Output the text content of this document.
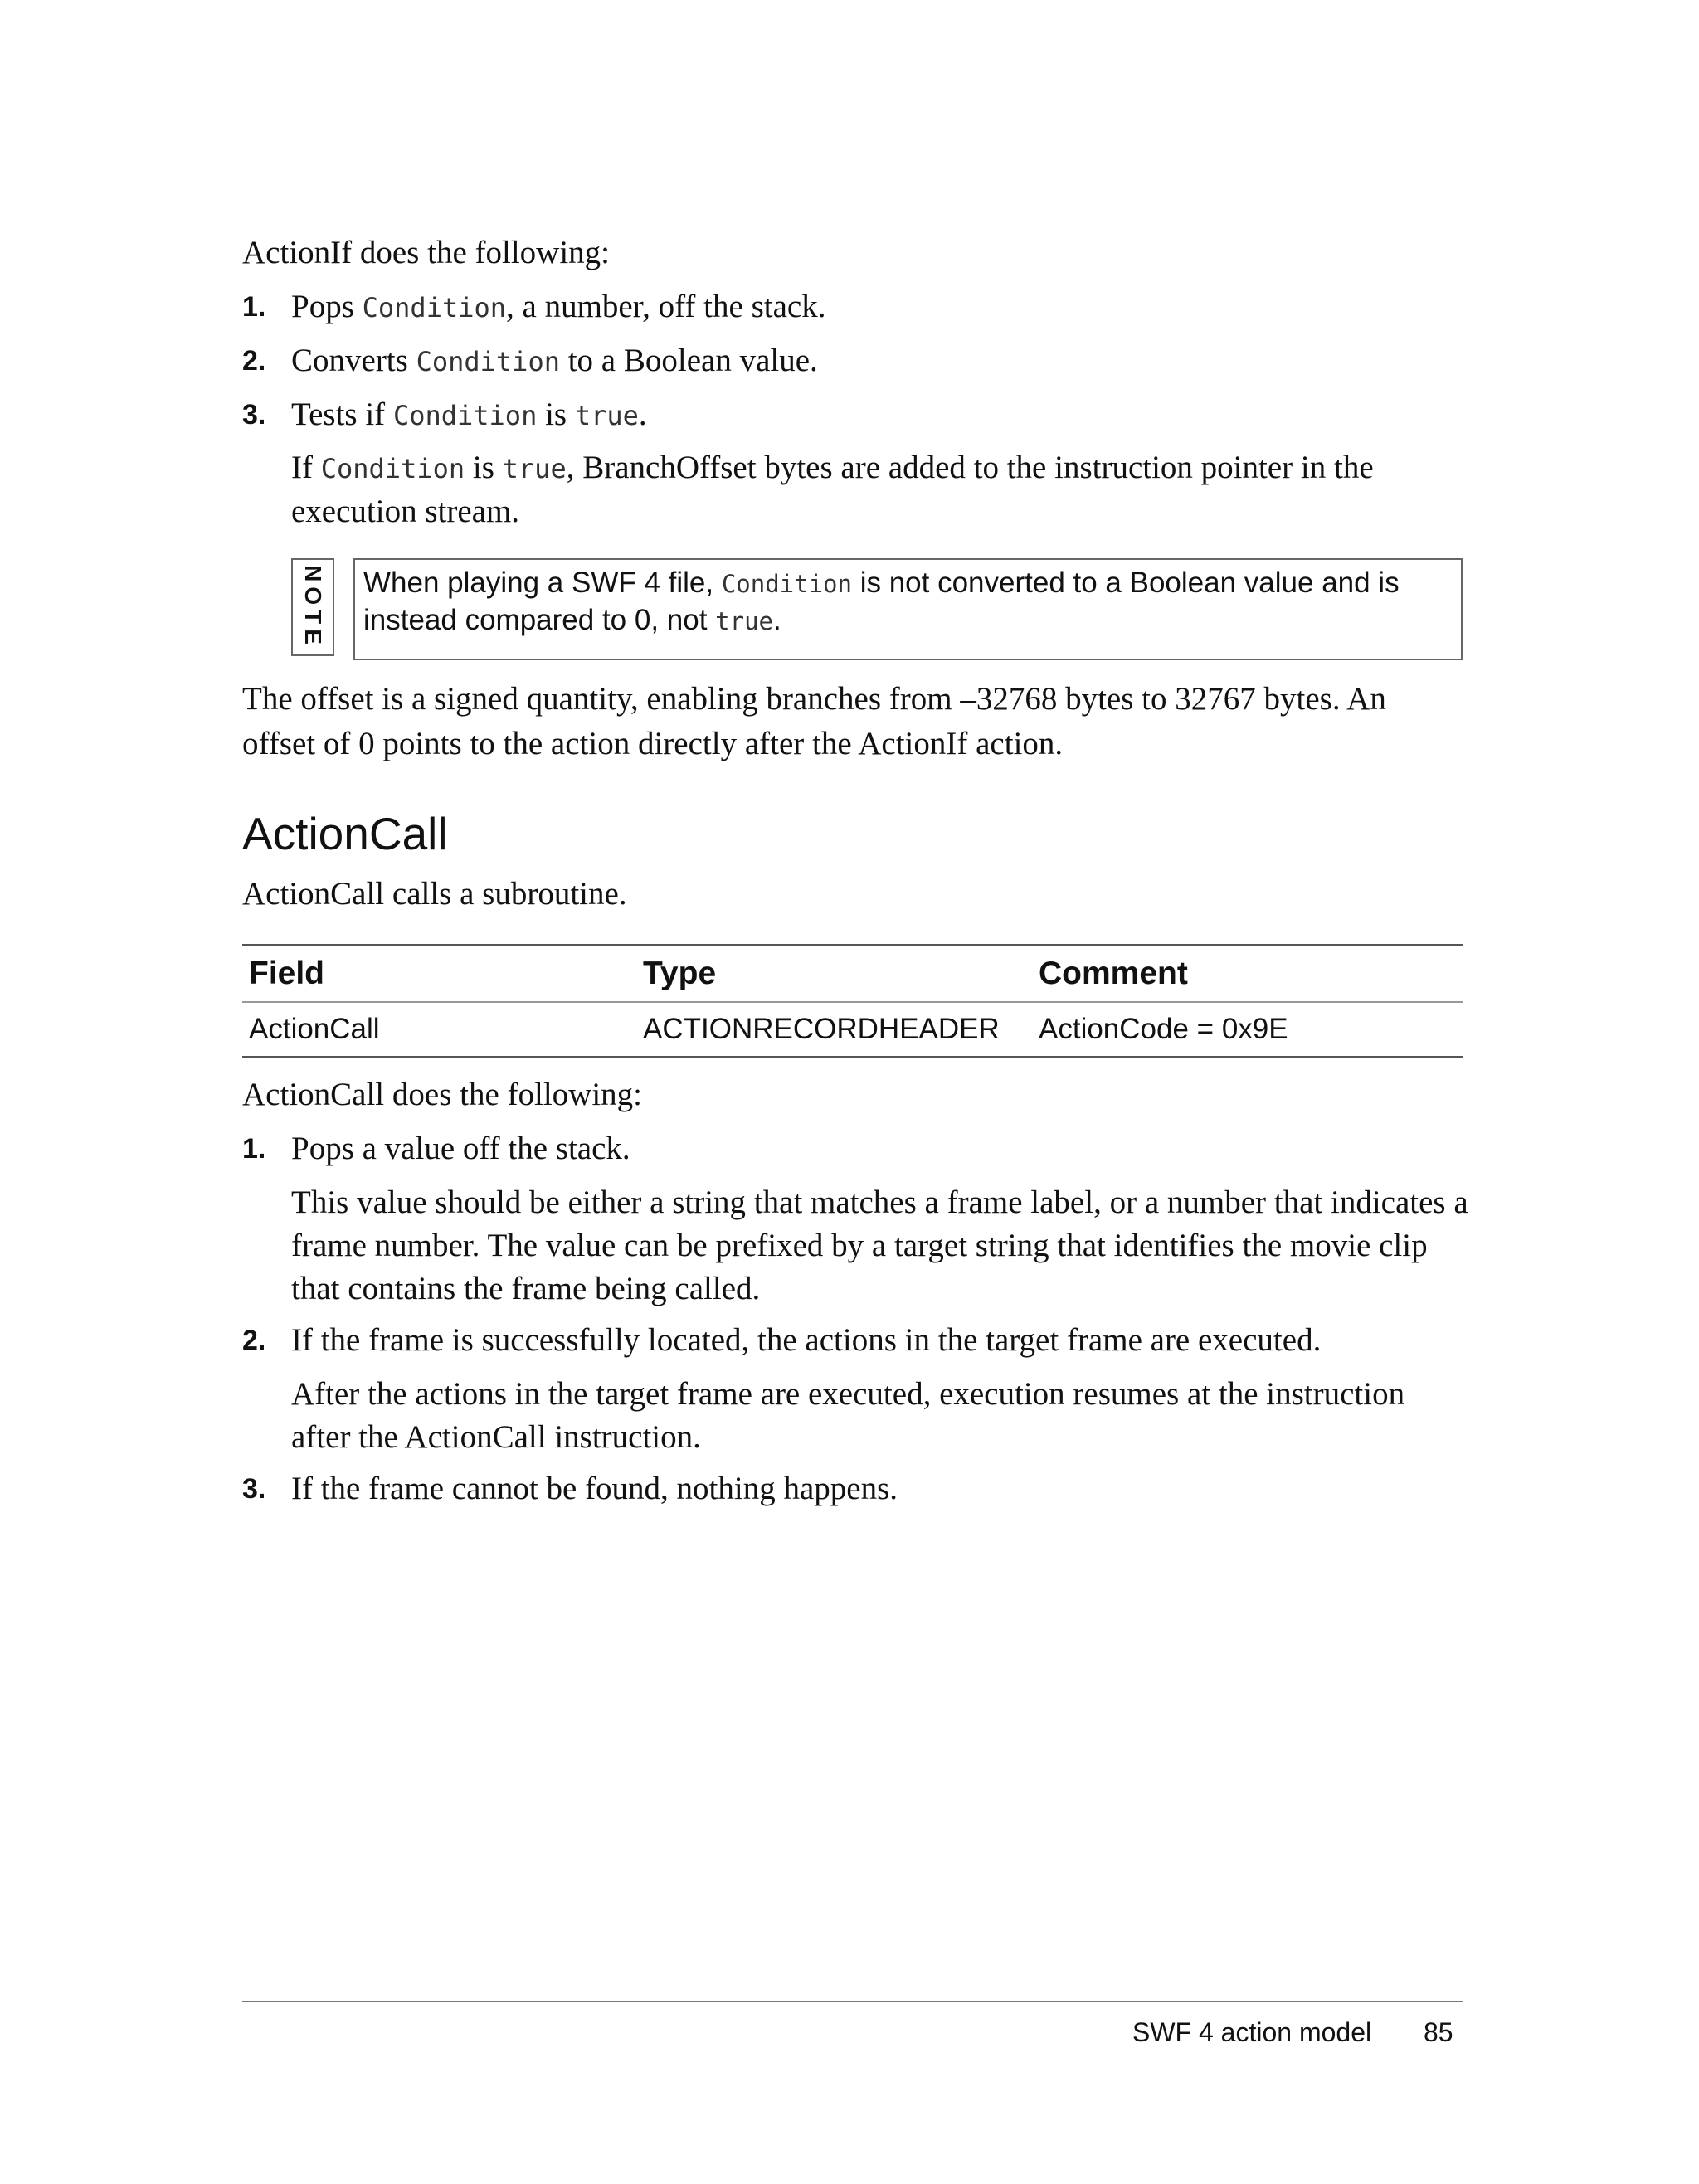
ActionIf does the following:
1. Pops Condition, a number, off the stack.
2. Converts Condition to a Boolean value.
3. Tests if Condition is true.
If Condition is true, BranchOffset bytes are added to the instruction pointer in the execution stream.
NOTE	When playing a SWF 4 file, Condition is not converted to a Boolean value and is instead compared to 0, not true.
The offset is a signed quantity, enabling branches from –32768 bytes to 32767 bytes. An offset of 0 points to the action directly after the ActionIf action.
ActionCall
ActionCall calls a subroutine.
Field	Type	Comment
ActionCall	ACTIONRECORDHEADER	ActionCode = 0x9E
ActionCall does the following:
1. Pops a value off the stack.
This value should be either a string that matches a frame label, or a number that indicates a frame number. The value can be prefixed by a target string that identifies the movie clip that contains the frame being called.
2. If the frame is successfully located, the actions in the target frame are executed.
After the actions in the target frame are executed, execution resumes at the instruction after the ActionCall instruction.
3. If the frame cannot be found, nothing happens.
SWF 4 action model 85
